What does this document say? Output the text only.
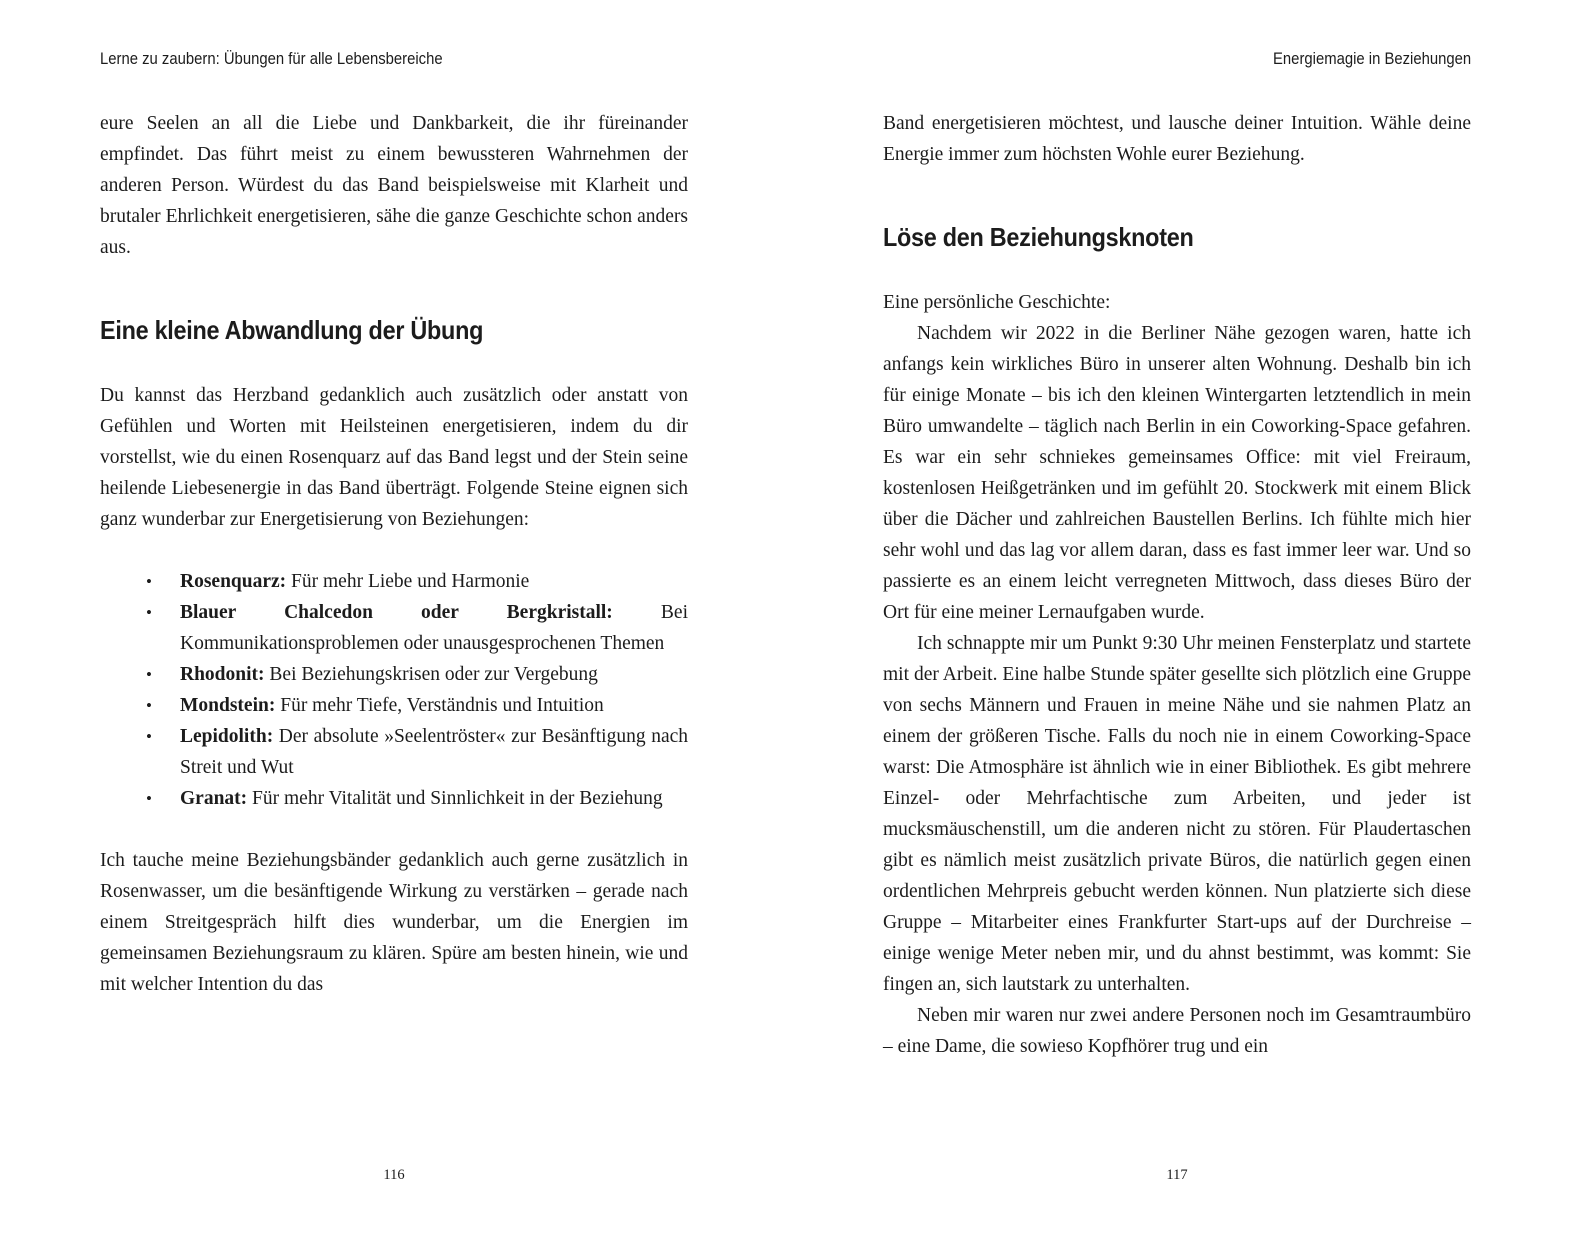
Lerne zu zaubern: Übungen für alle Lebensbereiche

eure Seelen an all die Liebe und Dankbarkeit, die ihr füreinander empfindet. Das führt meist zu einem bewussteren Wahrnehmen der anderen Person. Würdest du das Band beispielsweise mit Klarheit und brutaler Ehrlichkeit energetisieren, sähe die ganze Geschichte schon anders aus.

Eine kleine Abwandlung der Übung

Du kannst das Herzband gedanklich auch zusätzlich oder anstatt von Gefühlen und Worten mit Heilsteinen energetisieren, indem du dir vorstellst, wie du einen Rosenquarz auf das Band legst und der Stein seine heilende Liebesenergie in das Band überträgt. Folgende Steine eignen sich ganz wunderbar zur Energetisierung von Beziehungen:

• Rosenquarz: Für mehr Liebe und Harmonie
• Blauer Chalcedon oder Bergkristall: Bei Kommunikationsproblemen oder unausgesprochenen Themen
• Rhodonit: Bei Beziehungskrisen oder zur Vergebung
• Mondstein: Für mehr Tiefe, Verständnis und Intuition
• Lepidolith: Der absolute »Seelentröster« zur Besänftigung nach Streit und Wut
• Granat: Für mehr Vitalität und Sinnlichkeit in der Beziehung

Ich tauche meine Beziehungsbänder gedanklich auch gerne zusätzlich in Rosenwasser, um die besänftigende Wirkung zu verstärken – gerade nach einem Streitgespräch hilft dies wunderbar, um die Energien im gemeinsamen Beziehungsraum zu klären. Spüre am besten hinein, wie und mit welcher Intention du das

116
Energiemagie in Beziehungen

Band energetisieren möchtest, und lausche deiner Intuition. Wähle deine Energie immer zum höchsten Wohle eurer Beziehung.

Löse den Beziehungsknoten

Eine persönliche Geschichte:

Nachdem wir 2022 in die Berliner Nähe gezogen waren, hatte ich anfangs kein wirkliches Büro in unserer alten Wohnung. Deshalb bin ich für einige Monate – bis ich den kleinen Wintergarten letztendlich in mein Büro umwandelte – täglich nach Berlin in ein Coworking-Space gefahren. Es war ein sehr schniekes gemeinsames Office: mit viel Freiraum, kostenlosen Heißgetränken und im gefühlt 20. Stockwerk mit einem Blick über die Dächer und zahlreichen Baustellen Berlins. Ich fühlte mich hier sehr wohl und das lag vor allem daran, dass es fast immer leer war. Und so passierte es an einem leicht verregneten Mittwoch, dass dieses Büro der Ort für eine meiner Lernaufgaben wurde.

Ich schnappte mir um Punkt 9:30 Uhr meinen Fensterplatz und startete mit der Arbeit. Eine halbe Stunde später gesellte sich plötzlich eine Gruppe von sechs Männern und Frauen in meine Nähe und sie nahmen Platz an einem der größeren Tische. Falls du noch nie in einem Coworking-Space warst: Die Atmosphäre ist ähnlich wie in einer Bibliothek. Es gibt mehrere Einzel- oder Mehrfachtische zum Arbeiten, und jeder ist mucksmäuschenstill, um die anderen nicht zu stören. Für Plaudertaschen gibt es nämlich meist zusätzlich private Büros, die natürlich gegen einen ordentlichen Mehrpreis gebucht werden können. Nun platzierte sich diese Gruppe – Mitarbeiter eines Frankfurter Start-ups auf der Durchreise – einige wenige Meter neben mir, und du ahnst bestimmt, was kommt: Sie fingen an, sich lautstark zu unterhalten.

Neben mir waren nur zwei andere Personen noch im Gesamtraumbüro – eine Dame, die sowieso Kopfhörer trug und ein

117
